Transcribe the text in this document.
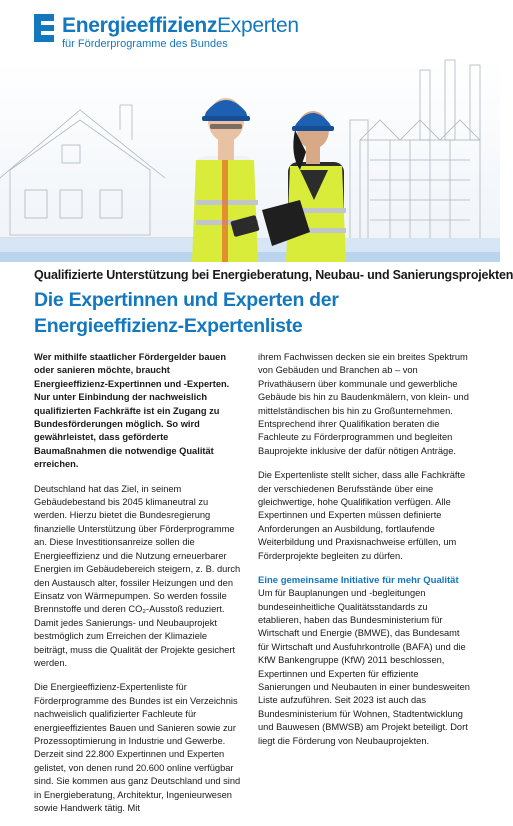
EnergieeffizienzExperten
für Förderprogramme des Bundes
Qualifizierte Unterstützung bei Energieberatung, Neubau- und Sanierungsprojekten
Die Expertinnen und Experten der
Energieeffizienz-Expertenliste

Wer mithilfe staatlicher Fördergelder bauen oder sanieren möchte, braucht Energieeffizienz-Expertinnen und -Experten. Nur unter Einbindung der nachweislich qualifizierten Fachkräfte ist ein Zugang zu Bundesförderungen möglich. So wird gewährleistet, dass geförderte Baumaßnahmen die notwendige Qualität erreichen.

Deutschland hat das Ziel, in seinem Gebäudebestand bis 2045 klimaneutral zu werden. Hierzu bietet die Bundesregierung finanzielle Unterstützung über Förderprogramme an. Diese Investitionsanreize sollen die Energieeffizienz und die Nutzung erneuerbarer Energien im Gebäudebereich steigern, z. B. durch den Austausch alter, fossiler Heizungen und den Einsatz von Wärmepumpen. So werden fossile Brennstoffe und deren CO₂-Ausstoß reduziert. Damit jedes Sanierungs- und Neubauprojekt bestmöglich zum Erreichen der Klimaziele beiträgt, muss die Qualität der Projekte gesichert werden.

Die Energieeffizienz-Expertenliste für Förderprogramme des Bundes ist ein Verzeichnis nachweislich qualifizierter Fachleute für energieeffizientes Bauen und Sanieren sowie zur Prozessoptimierung in Industrie und Gewerbe. Derzeit sind 22.800 Expertinnen und Experten gelistet, von denen rund 20.600 online verfügbar sind. Sie kommen aus ganz Deutschland und sind in Energieberatung, Architektur, Ingenieurwesen sowie Handwerk tätig. Mit

ihrem Fachwissen decken sie ein breites Spektrum von Gebäuden und Branchen ab – von Privathäusern über kommunale und gewerbliche Gebäude bis hin zu Baudenkmälern, von klein- und mittelständischen bis hin zu Großunternehmen. Entsprechend ihrer Qualifikation beraten die Fachleute zu Förderprogrammen und begleiten Bauprojekte inklusive der dafür nötigen Anträge.

Die Expertenliste stellt sicher, dass alle Fachkräfte der verschiedenen Berufsstände über eine gleichwertige, hohe Qualifikation verfügen. Alle Expertinnen und Experten müssen definierte Anforderungen an Ausbildung, fortlaufende Weiterbildung und Praxisnachweise erfüllen, um Förderprojekte begleiten zu dürfen.

Eine gemeinsame Initiative für mehr Qualität

Um für Bauplanungen und -begleitungen bundeseinheitliche Qualitätsstandards zu etablieren, haben das Bundesministerium für Wirtschaft und Energie (BMWE), das Bundesamt für Wirtschaft und Ausfuhrkontrolle (BAFA) und die KfW Bankengruppe (KfW) 2011 beschlossen, Expertinnen und Experten für effiziente Sanierungen und Neubauten in einer bundesweiten Liste aufzuführen. Seit 2023 ist auch das Bundesministerium für Wohnen, Stadtentwicklung und Bauwesen (BMWSB) am Projekt beteiligt. Dort liegt die Förderung von Neubauprojekten.
